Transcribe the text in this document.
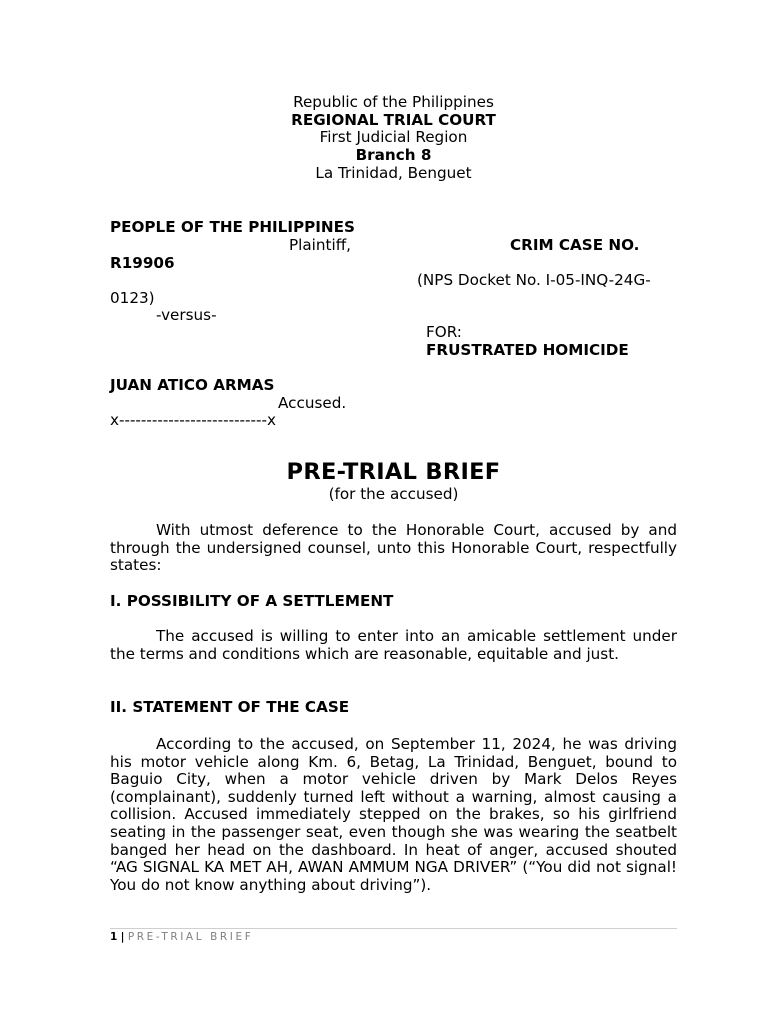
Republic of the Philippines
REGIONAL TRIAL COURT
First Judicial Region
Branch 8
La Trinidad, Benguet
PEOPLE OF THE PHILIPPINES
Plaintiff,	CRIM CASE NO.
R19906
(NPS Docket No. I-05-INQ-24G-
0123)
-versus-
FOR:
FRUSTRATED HOMICIDE
JUAN ATICO ARMAS
Accused.
x---------------------------x
PRE-TRIAL BRIEF
(for the accused)
With utmost deference to the Honorable Court, accused by and through the undersigned counsel, unto this Honorable Court, respectfully states:
I. POSSIBILITY OF A SETTLEMENT
The accused is willing to enter into an amicable settlement under the terms and conditions which are reasonable, equitable and just.
II. STATEMENT OF THE CASE
According to the accused, on September 11, 2024, he was driving his motor vehicle along Km. 6, Betag, La Trinidad, Benguet, bound to Baguio City, when a motor vehicle driven by Mark Delos Reyes (complainant), suddenly turned left without a warning, almost causing a collision. Accused immediately stepped on the brakes, so his girlfriend seating in the passenger seat, even though she was wearing the seatbelt banged her head on the dashboard. In heat of anger, accused shouted “AG SIGNAL KA MET AH, AWAN AMMUM NGA DRIVER” (“You did not signal! You do not know anything about driving”).
1 | PRE-TRIAL BRIEF
